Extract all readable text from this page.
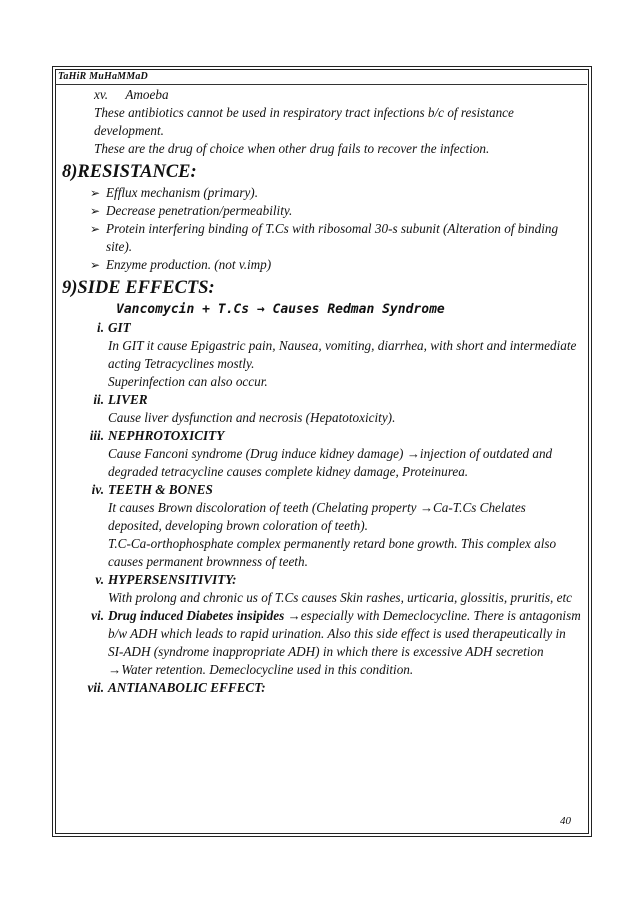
TaHiR MuHaMMaD
xv. Amoeba
These antibiotics cannot be used in respiratory tract infections b/c of resistance development.
These are the drug of choice when other drug fails to recover the infection.
8)RESISTANCE:
➢ Efflux mechanism (primary).
➢ Decrease penetration/permeability.
➢ Protein interfering binding of T.Cs with ribosomal 30-s subunit (Alteration of binding site).
➢ Enzyme production. (not v.imp)
9)SIDE EFFECTS:
Vancomycin + T.Cs → Causes Redman Syndrome
i. GIT
In GIT it cause Epigastric pain, Nausea, vomiting, diarrhea, with short and intermediate acting Tetracyclines mostly.
Superinfection can also occur.
ii. LIVER
Cause liver dysfunction and necrosis (Hepatotoxicity).
iii. NEPHROTOXICITY
Cause Fanconi syndrome (Drug induce kidney damage) →injection of outdated and degraded tetracycline causes complete kidney damage, Proteinurea.
iv. TEETH & BONES
It causes Brown discoloration of teeth (Chelating property →Ca-T.Cs Chelates deposited, developing brown coloration of teeth).
T.C-Ca-orthophosphate complex permanently retard bone growth. This complex also causes permanent brownness of teeth.
v. HYPERSENSITIVITY:
With prolong and chronic us of T.Cs causes Skin rashes, urticaria, glossitis, pruritis, etc
vi. Drug induced Diabetes insipides →especially with Demeclocycline. There is antagonism b/w ADH which leads to rapid urination. Also this side effect is used therapeutically in SI-ADH (syndrome inappropriate ADH) in which there is excessive ADH secretion →Water retention. Demeclocycline used in this condition.
vii. ANTIANABOLIC EFFECT:
40
